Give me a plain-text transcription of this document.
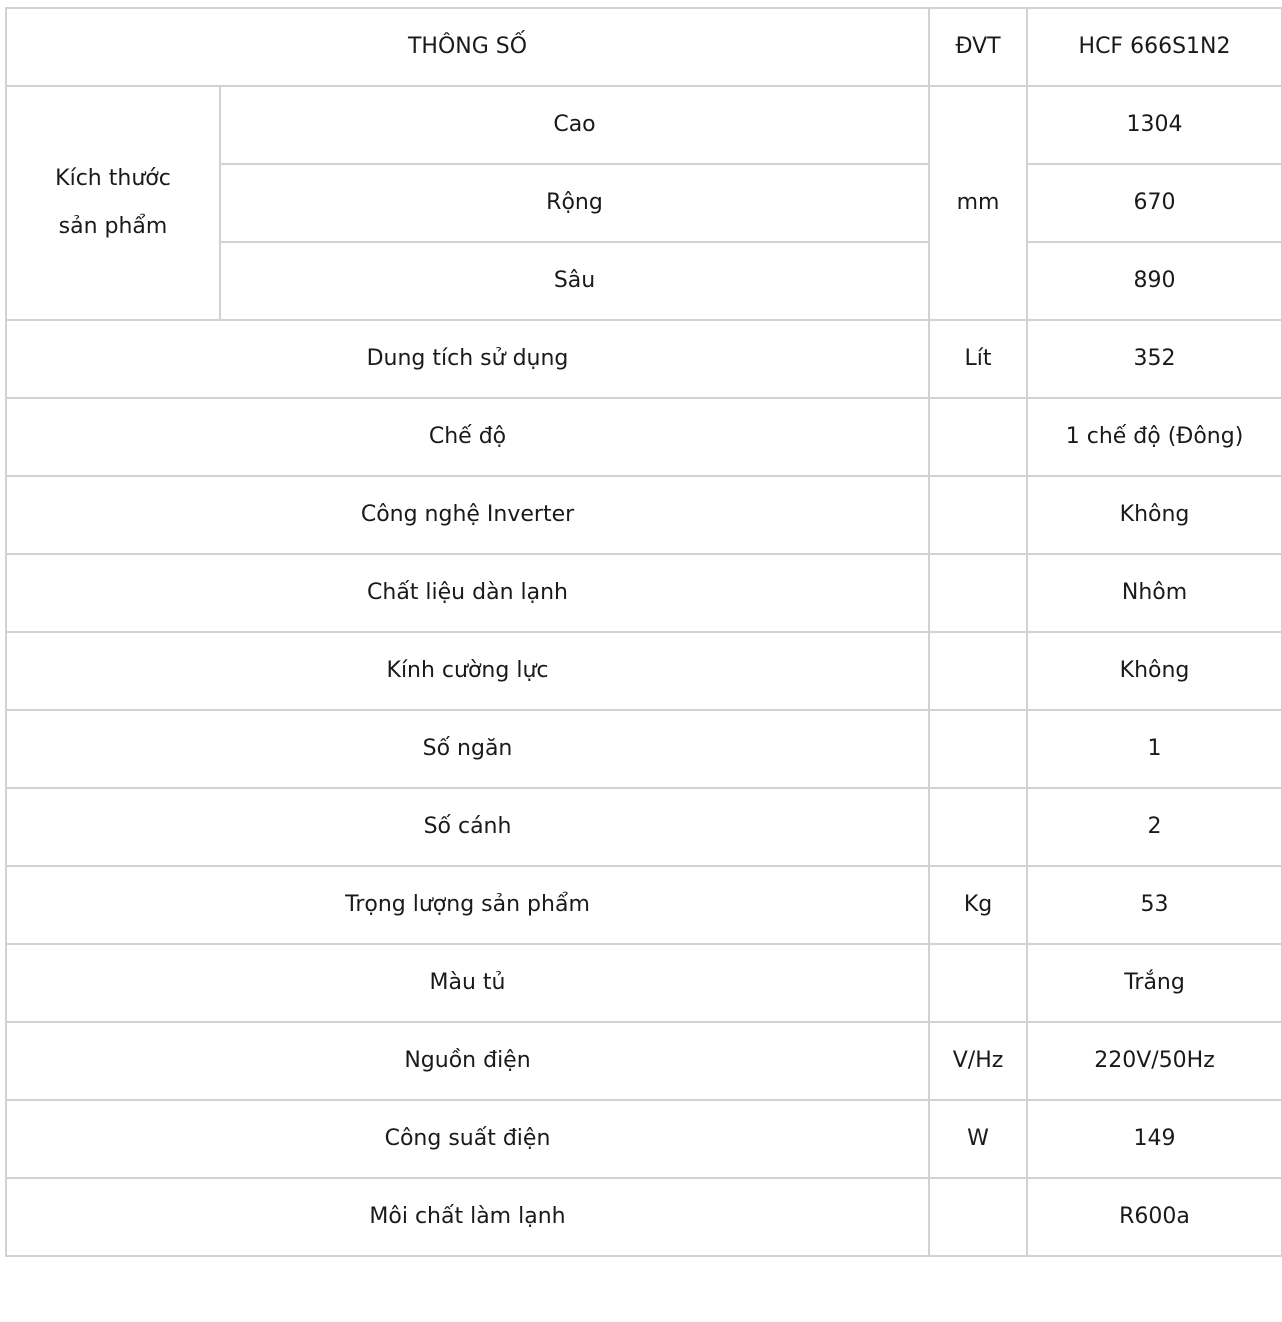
THÔNG SỐ		ĐVT	HCF 666S1N2
Kích thước sản phẩm	Cao	mm	1304
	Rộng		670
	Sâu		890
Dung tích sử dụng		Lít	352
Chế độ			1 chế độ (Đông)
Công nghệ Inverter			Không
Chất liệu dàn lạnh			Nhôm
Kính cường lực			Không
Số ngăn			1
Số cánh			2
Trọng lượng sản phẩm		Kg	53
Màu tủ			Trắng
Nguồn điện		V/Hz	220V/50Hz
Công suất điện		W	149
Môi chất làm lạnh			R600a
